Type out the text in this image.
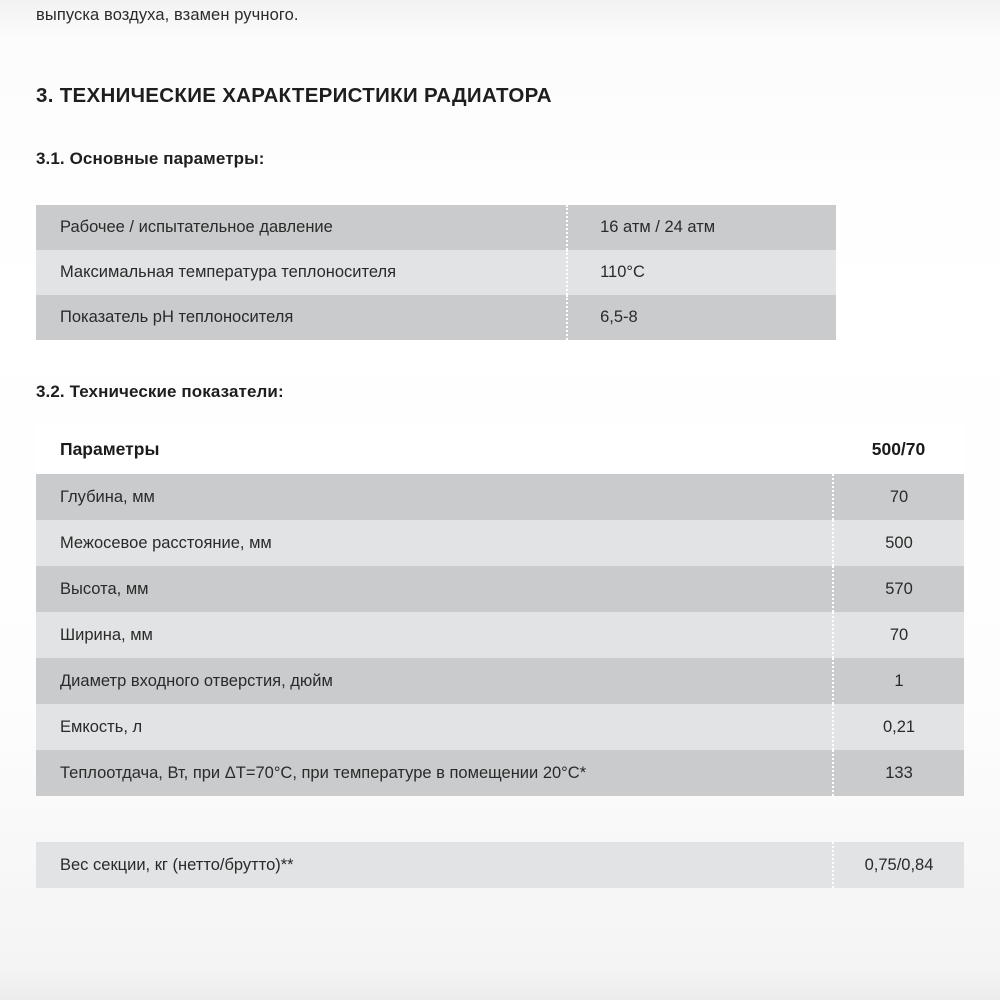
выпуска воздуха, взамен ручного.
3. ТЕХНИЧЕСКИЕ ХАРАКТЕРИСТИКИ РАДИАТОРА
3.1. Основные параметры:
Рабочее / испытательное давление	16 атм / 24 атм
Максимальная температура теплоносителя	110°C
Показатель pH теплоносителя	6,5-8
3.2. Технические показатели:
Параметры	500/70
Глубина, мм	70
Межосевое расстояние, мм	500
Высота, мм	570
Ширина, мм	70
Диаметр входного отверстия, дюйм	1
Емкость, л	0,21
Теплоотдача, Вт, при ΔT=70°C, при температуре в помещении 20°C*	133

Вес секции, кг (нетто/брутто)**	0,75/0,84
